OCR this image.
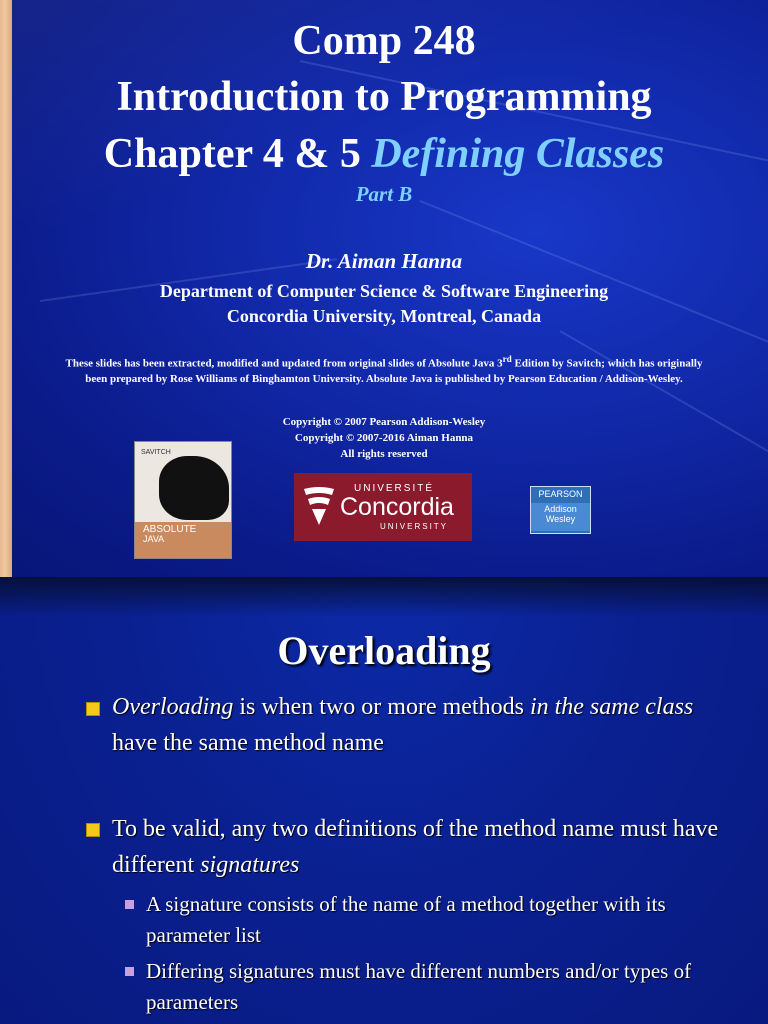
Comp 248
Introduction to Programming
Chapter 4 & 5 Defining Classes
Part B
Dr. Aiman Hanna
Department of Computer Science & Software Engineering
Concordia University, Montreal, Canada
These slides has been extracted, modified and updated from original slides of Absolute Java 3rd Edition by Savitch; which has originally been prepared by Rose Williams of Binghamton University. Absolute Java is published by Pearson Education / Addison-Wesley.
Copyright © 2007 Pearson Addison-Wesley
Copyright © 2007-2016 Aiman Hanna
All rights reserved
SAVITCH
ABSOLUTE
JAVA
UNIVERSITÉ
Concordia
UNIVERSITY
PEARSON
Addison
Wesley
Overloading
Overloading is when two or more methods in the same class have the same method name
To be valid, any two definitions of the method name must have different signatures
A signature consists of the name of a method together with its parameter list
Differing signatures must have different numbers and/or types of parameters
